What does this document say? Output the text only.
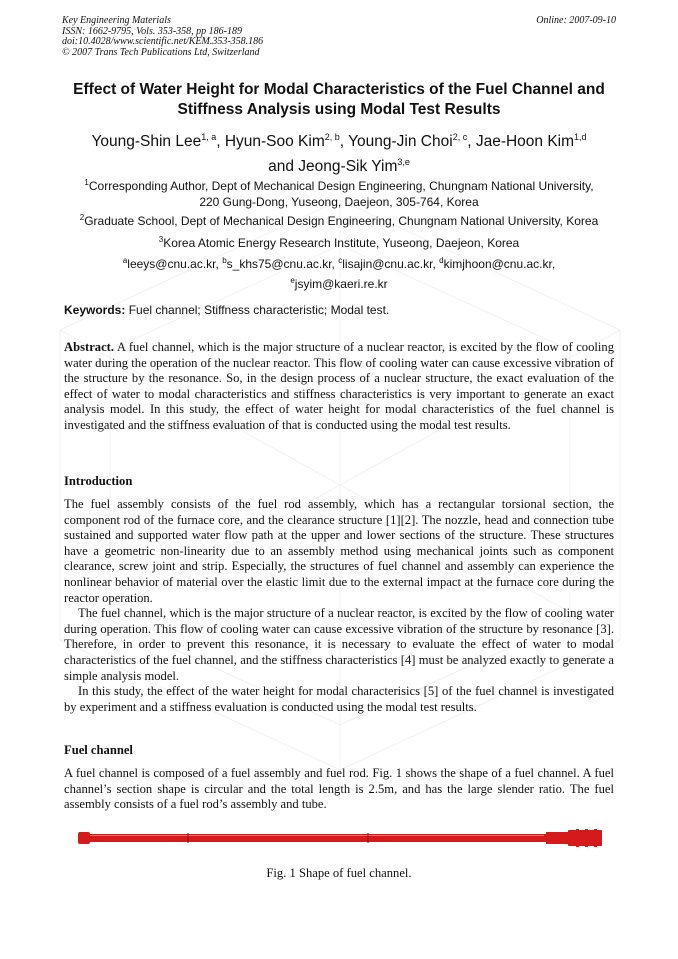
Key Engineering Materials
ISSN: 1662-9795, Vols. 353-358, pp 186-189
doi:10.4028/www.scientific.net/KEM.353-358.186
© 2007 Trans Tech Publications Ltd, Switzerland
Online: 2007-09-10
Effect of Water Height for Modal Characteristics of the Fuel Channel and
Stiffness Analysis using Modal Test Results
Young-Shin Lee$^{1, a}$, Hyun-Soo Kim$^{2, b}$, Young-Jin Choi$^{2, c}$, Jae-Hoon Kim$^{1,d}$
and Jeong-Sik Yim$^{3,e}$
$^1$Corresponding Author, Dept of Mechanical Design Engineering, Chungnam National University,
220 Gung-Dong, Yuseong, Daejeon, 305-764, Korea
$^2$Graduate School, Dept of Mechanical Design Engineering, Chungnam National University, Korea
$^3$Korea Atomic Energy Research Institute, Yuseong, Daejeon, Korea
$^a$leeys@cnu.ac.kr, $^b$s_khs75@cnu.ac.kr, $^c$lisajin@cnu.ac.kr, $^d$kimjhoon@cnu.ac.kr,
$^e$jsyim@kaeri.re.kr
Keywords: Fuel channel; Stiffness characteristic; Modal test.

Abstract. A fuel channel, which is the major structure of a nuclear reactor, is excited by the flow of cooling water during the operation of the nuclear reactor. This flow of cooling water can cause excessive vibration of the structure by the resonance. So, in the design process of a nuclear structure, the exact evaluation of the effect of water to modal characteristics and stiffness characteristics is very important to generate an exact analysis model. In this study, the effect of water height for modal characteristics of the fuel channel is investigated and the stiffness evaluation of that is conducted using the modal test results.

Introduction

The fuel assembly consists of the fuel rod assembly, which has a rectangular torsional section, the component rod of the furnace core, and the clearance structure [1][2]. The nozzle, head and connection tube sustained and supported water flow path at the upper and lower sections of the structure. These structures have a geometric non-linearity due to an assembly method using mechanical joints such as component clearance, screw joint and strip. Especially, the structures of fuel channel and assembly can experience the nonlinear behavior of material over the elastic limit due to the external impact at the furnace core during the reactor operation.

The fuel channel, which is the major structure of a nuclear reactor, is excited by the flow of cooling water during operation. This flow of cooling water can cause excessive vibration of the structure by resonance [3]. Therefore, in order to prevent this resonance, it is necessary to evaluate the effect of water to modal characteristics of the fuel channel, and the stiffness characteristics [4] must be analyzed exactly to generate a simple analysis model.

In this study, the effect of the water height for modal characterisics [5] of the fuel channel is investigated by experiment and a stiffness evaluation is conducted using the modal test results.

Fuel channel

A fuel channel is composed of a fuel assembly and fuel rod. Fig. 1 shows the shape of a fuel channel. A fuel channel’s section shape is circular and the total length is 2.5m, and has the large slender ratio. The fuel assembly consists of a fuel rod’s assembly and tube.

Fig. 1 Shape of fuel channel.
